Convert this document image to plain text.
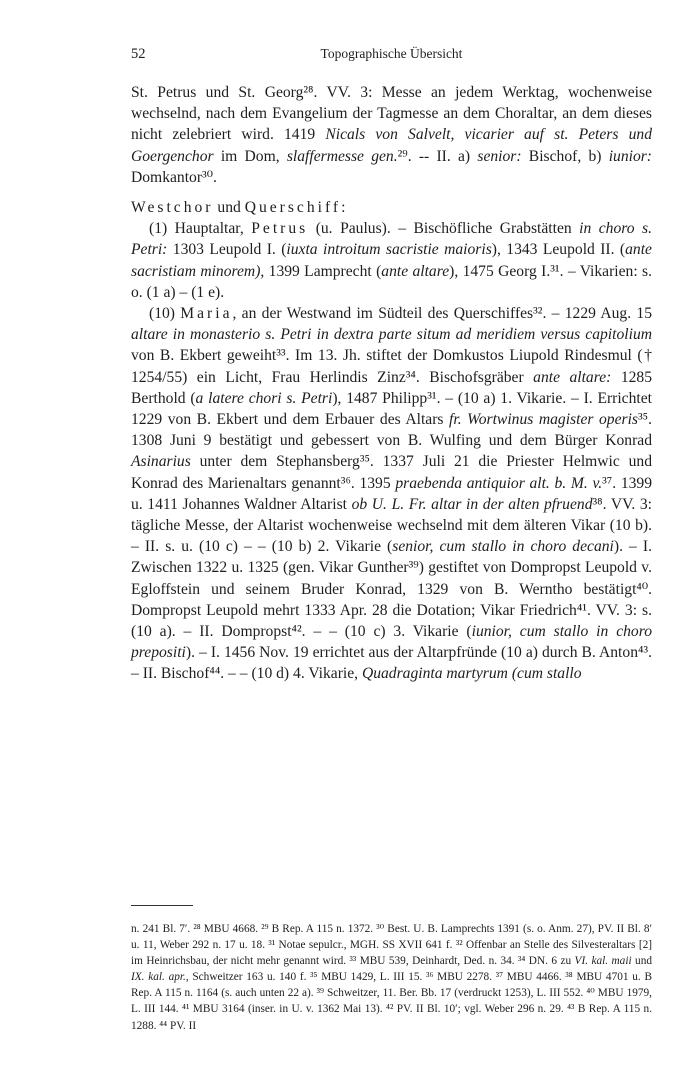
52	Topographische Übersicht

St. Petrus und St. Georg²⁸. VV. 3: Messe an jedem Werktag, wochenweise wechselnd, nach dem Evangelium der Tagmesse an dem Choraltar, an dem dieses nicht zelebriert wird. 1419 Nicals von Salvelt, vicarier auf st. Peters und Goergenchor im Dom, slaffermesse gen.²⁹. -- II. a) senior: Bischof, b) iunior: Domkantor³⁰.

Westchor und Querschiff:

(1) Hauptaltar, Petrus (u. Paulus). – Bischöfliche Grabstätten in choro s. Petri: 1303 Leupold I. (iuxta introitum sacristie maioris), 1343 Leupold II. (ante sacristiam minorem), 1399 Lamprecht (ante altare), 1475 Georg I.³¹. – Vikarien: s. o. (1 a) – (1 e).

(10) Maria, an der Westwand im Südteil des Querschiffes³². – 1229 Aug. 15 altare in monasterio s. Petri in dextra parte situm ad meridiem versus capitolium von B. Ekbert geweiht³³. Im 13. Jh. stiftet der Domkustos Liupold Rindesmul († 1254/55) ein Licht, Frau Herlindis Zinz³⁴. Bischofsgräber ante altare: 1285 Berthold (a latere chori s. Petri), 1487 Philipp³¹. – (10 a) 1. Vikarie. – I. Errichtet 1229 von B. Ekbert und dem Erbauer des Altars fr. Wortwinus magister operis³⁵. 1308 Juni 9 bestätigt und gebessert von B. Wulfing und dem Bürger Konrad Asinarius unter dem Stephansberg³⁵. 1337 Juli 21 die Priester Helmwic und Konrad des Marienaltars genannt³⁶. 1395 praebenda antiquior alt. b. M. v.³⁷. 1399 u. 1411 Johannes Waldner Altarist ob U. L. Fr. altar in der alten pfruend³⁸. VV. 3: tägliche Messe, der Altarist wochenweise wechselnd mit dem älteren Vikar (10 b). – II. s. u. (10 c) – – (10 b) 2. Vikarie (senior, cum stallo in choro decani). – I. Zwischen 1322 u. 1325 (gen. Vikar Gunther³⁹) gestiftet von Dompropst Leupold v. Egloffstein und seinem Bruder Konrad, 1329 von B. Werntho bestätigt⁴⁰. Dompropst Leupold mehrt 1333 Apr. 28 die Dotation; Vikar Friedrich⁴¹. VV. 3: s. (10 a). – II. Dompropst⁴². – – (10 c) 3. Vikarie (iunior, cum stallo in choro prepositi). – I. 1456 Nov. 19 errichtet aus der Altarpfründe (10 a) durch B. Anton⁴³. – II. Bischof⁴⁴. – – (10 d) 4. Vikarie, Quadraginta martyrum (cum stallo

n. 241 Bl. 7′. ²⁸ MBU 4668. ²⁹ B Rep. A 115 n. 1372. ³⁰ Best. U. B. Lamprechts 1391 (s. o. Anm. 27), PV. II Bl. 8′ u. 11, Weber 292 n. 17 u. 18. ³¹ Notae sepulcr., MGH. SS XVII 641 f. ³² Offenbar an Stelle des Silvesteraltars [2] im Heinrichsbau, der nicht mehr genannt wird. ³³ MBU 539, Deinhardt, Ded. n. 34. ³⁴ DN. 6 zu VI. kal. maii und IX. kal. apr., Schweitzer 163 u. 140 f. ³⁵ MBU 1429, L. III 15. ³⁶ MBU 2278. ³⁷ MBU 4466. ³⁸ MBU 4701 u. B Rep. A 115 n. 1164 (s. auch unten 22 a). ³⁹ Schweitzer, 11. Ber. Bb. 17 (verdruckt 1253), L. III 552. ⁴⁰ MBU 1979, L. III 144. ⁴¹ MBU 3164 (inser. in U. v. 1362 Mai 13). ⁴² PV. II Bl. 10′; vgl. Weber 296 n. 29. ⁴³ B Rep. A 115 n. 1288. ⁴⁴ PV. II
